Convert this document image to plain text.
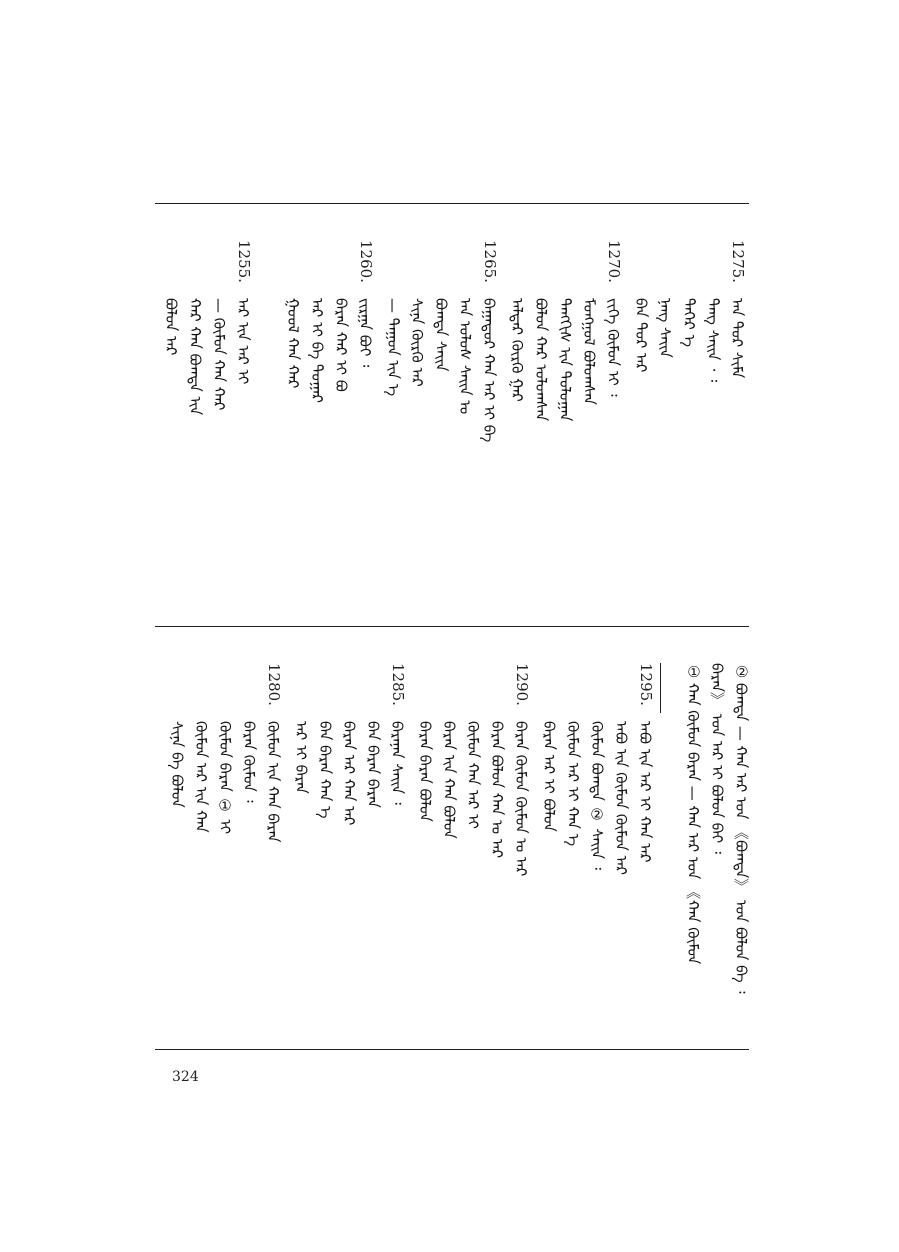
1275.
ᠠᠨ ᠳᠤᠷ ᠰᠢᠮᠡ
ᠳᠠᠩ ᠰᠠᠢᠨ ᠂ ᠄
ᠳᠡᠭᠡᠷ ᠡ
ᠨᠡᠩ ᠰᠠᠢᠨ
ᠪᠠᠨ ᠳᠤᠷ ᠠᠷ
1270.
ᠵᠢᠭᠡ ᠬᠦᠮᠦᠨ ᠢ ᠄
ᠮᠣᠩᠭᠣᠯ ᠪᠤᠯᠤᠭᠰᠠᠨ
ᠲᠡᠩᠭᠢᠰ ᠢᠨ ᠳᠣᠯᠤᠭᠠᠨ
ᠪᠣᠯᠣᠨ ᠬᠠᠷ ᠤᠯᠤᠭᠰᠠᠨ
ᠠᠯᠳᠠᠷ ᠬᠦᠷᠬᠦ ᠭᠠᠷ
1265.
ᠪᠠᠭᠠᠲᠤᠷ ᠬᠠᠨ ᠠᠷ ᠢ ᠪᠡ
ᠠᠨ ᠤᠯᠤᠰ ᠰᠠᠢᠨ ᠤ
ᠪᠣᠭᠳᠠ ᠰᠠᠢᠨ
ᠰᠢᠨᠡ ᠬᠦᠷᠬᠦ ᠠᠷ
— ᠳᠠᠭᠤᠨ ᠢᠨ ᠡ
1260.
ᠵᠢᠷᠭᠠ ᠪᠤᠢ ᠄
ᠪᠠᠷᠠᠨ ᠬᠠᠷ ᠢ ᠪᠣ
ᠠᠷ ᠢ ᠪᠠ ᠳᠤᠭᠠᠷ
ᠭᠣᠣᠯ ᠬᠠᠨ ᠬᠠᠷ
1255.
ᠠᠷ ᠢᠨ ᠠᠷ ᠢ
— ᠬᠦᠮᠦᠨ ᠬᠠᠨ ᠬᠠᠷ
ᠬᠠᠷ ᠬᠠᠨ ᠪᠣᠭᠳᠠ ᠢᠨ
ᠪᠣᠯᠣᠨ ᠠᠷ
②
ᠪᠣᠭᠳᠠ — ᠬᠠᠨ ᠠᠷ ᠤᠨ 《ᠪᠣᠭᠳᠠ》 ᠤᠨ ᠪᠣᠯᠣᠨ ᠪᠡ ᠄
ᠪᠠᠷᠠᠨ》 ᠤᠨ ᠠᠷ ᠢ ᠪᠣᠯᠣᠨ ᠪᠠᠢ ᠄
①
ᠬᠠᠨ ᠬᠦᠮᠦᠨ ᠪᠠᠷᠠᠨ — ᠬᠠᠨ ᠠᠷ ᠤᠨ 《ᠬᠠᠨ ᠬᠦᠮᠦᠨ
1295.
ᠠᠪᠤ ᠢᠨ ᠠᠷ ᠢ ᠬᠠᠨ ᠠᠷ
ᠠᠪᠤ ᠢᠨ ᠬᠦᠮᠦᠨ ᠬᠦᠮᠦᠨ ᠠᠷ
ᠬᠦᠮᠦᠨ ᠪᠣᠭᠳᠠ ② ᠰᠠᠢᠨ ᠄
ᠬᠦᠮᠦᠨ ᠠᠷ ᠢ ᠬᠠᠨ ᠡ
ᠪᠠᠷᠠᠨ ᠠᠷ ᠢ ᠪᠣᠯᠣᠨ
1290.
ᠪᠠᠷᠠᠨ ᠬᠦᠮᠦᠨ ᠬᠦᠮᠦᠨ ᠤ ᠠᠷ
ᠪᠠᠷᠠᠨ ᠪᠣᠯᠣᠨ ᠬᠠᠨ ᠤ ᠠᠷ
ᠬᠦᠮᠦᠨ ᠬᠠᠨ ᠠᠷ ᠢ
ᠪᠠᠷᠠᠨ ᠢᠨ ᠬᠠᠨ ᠪᠣᠯᠣᠨ
ᠪᠠᠷᠠᠨ ᠪᠠᠷᠠᠨ ᠪᠣᠯᠣᠨ
1285.
ᠪᠠᠷᠠᠨᠠᠨ ᠰᠠᠢᠨ ᠄
ᠪᠠᠨ ᠪᠠᠷᠠᠨ ᠪᠠᠷᠠᠨ
ᠪᠠᠷᠠᠨ ᠠᠷ ᠬᠠᠨ ᠠᠷ
ᠪᠠᠨ ᠪᠠᠷᠠᠨ ᠬᠠᠨ ᠡ
ᠠᠷ ᠢ ᠪᠠᠷᠠᠨ
1280.
ᠬᠦᠮᠦᠨ ᠢᠨ ᠬᠠᠨ ᠪᠠᠷᠠᠨ
ᠪᠠᠷᠠᠨ ᠬᠦᠮᠦᠨ ᠄
ᠬᠦᠮᠦᠨ ᠪᠠᠷᠠᠨ ① ᠢ
ᠬᠦᠮᠦᠨ ᠠᠷ ᠢᠨ ᠬᠠᠨ
ᠰᠢᠨᠡ ᠪᠠ ᠪᠣᠯᠣᠨ
324
